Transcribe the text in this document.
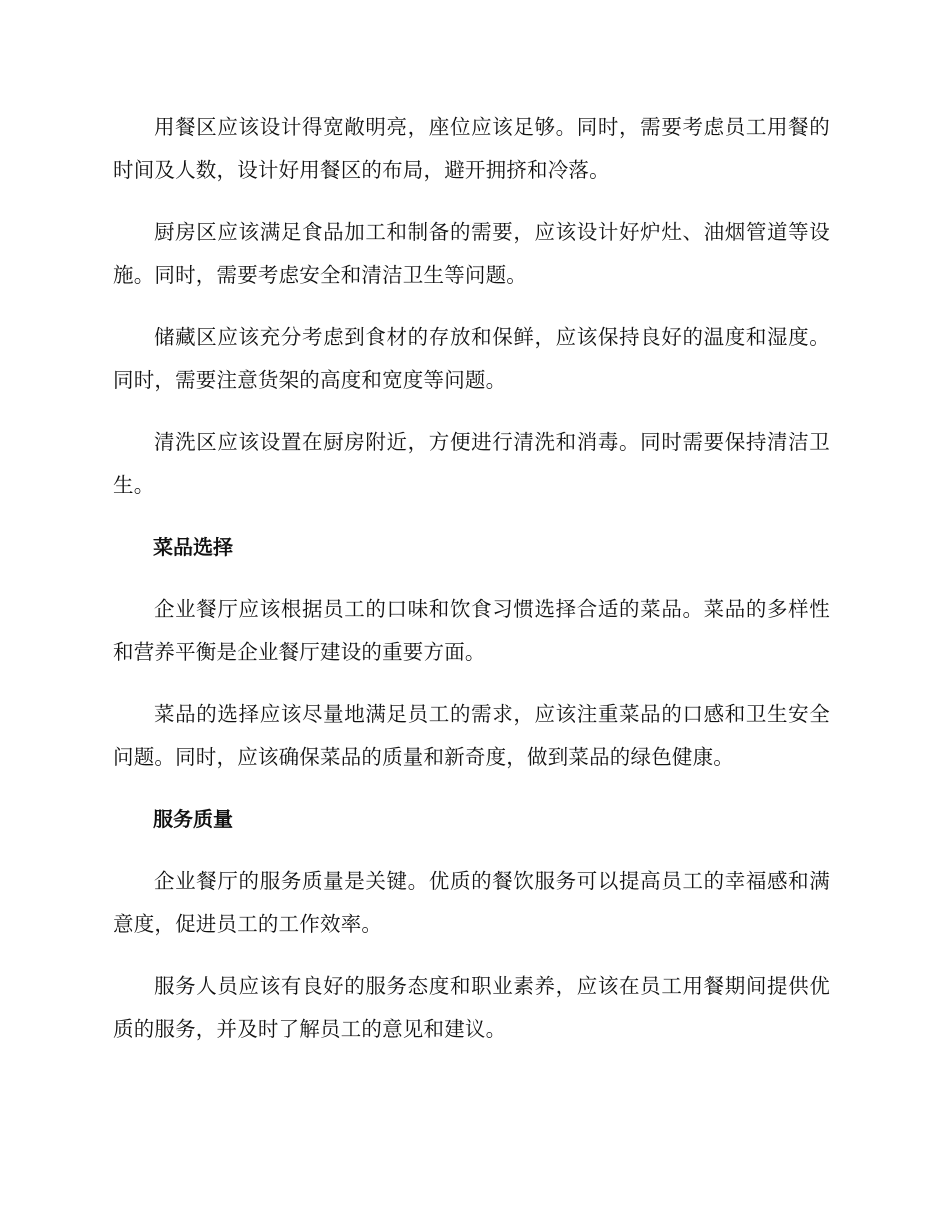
用餐区应该设计得宽敞明亮，座位应该足够。同时，需要考虑员工用餐的时间及人数，设计好用餐区的布局，避开拥挤和冷落。

厨房区应该满足食品加工和制备的需要，应该设计好炉灶、油烟管道等设施。同时，需要考虑安全和清洁卫生等问题。

储藏区应该充分考虑到食材的存放和保鲜，应该保持良好的温度和湿度。同时，需要注意货架的高度和宽度等问题。

清洗区应该设置在厨房附近，方便进行清洗和消毒。同时需要保持清洁卫生。

菜品选择

企业餐厅应该根据员工的口味和饮食习惯选择合适的菜品。菜品的多样性和营养平衡是企业餐厅建设的重要方面。

菜品的选择应该尽量地满足员工的需求，应该注重菜品的口感和卫生安全问题。同时，应该确保菜品的质量和新奇度，做到菜品的绿色健康。

服务质量

企业餐厅的服务质量是关键。优质的餐饮服务可以提高员工的幸福感和满意度，促进员工的工作效率。

服务人员应该有良好的服务态度和职业素养，应该在员工用餐期间提供优质的服务，并及时了解员工的意见和建议。
